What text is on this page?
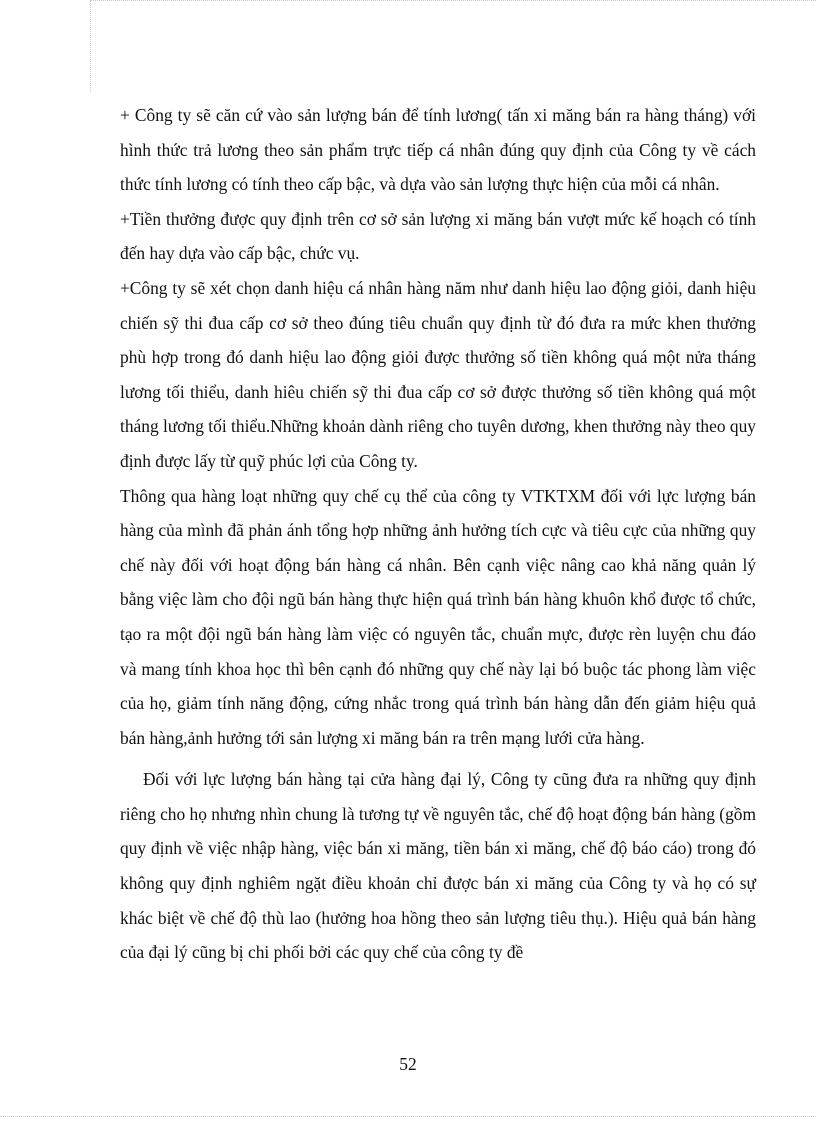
+ Công ty sẽ căn cứ vào sản lượng bán để tính lương( tấn xi măng bán ra hàng tháng) với hình thức trả lương theo sản phẩm trực tiếp cá nhân đúng quy định của Công ty về cách thức tính lương có tính theo cấp bậc, và dựa vào sản lượng thực hiện của mỗi cá nhân.

+Tiền thưởng được quy định trên cơ sở sản lượng xi măng bán vượt mức kế hoạch có tính đến hay dựa vào cấp bậc, chức vụ.

+Công ty sẽ xét chọn danh hiệu cá nhân hàng năm như danh hiệu lao động giỏi, danh hiệu chiến sỹ thi đua cấp cơ sở theo đúng tiêu chuẩn quy định từ đó đưa ra mức khen thưởng phù hợp trong đó danh hiệu lao động giỏi được thưởng số tiền không quá một nửa tháng lương tối thiểu, danh hiêu chiến sỹ thi đua cấp cơ sở được thưởng số tiền không quá một tháng lương tối thiểu.Những khoản dành riêng cho tuyên dương, khen thưởng này theo quy định được lấy từ quỹ phúc lợi của Công ty.

Thông qua hàng loạt những quy chế cụ thể của công ty VTKTXM đối với lực lượng bán hàng của mình đã phản ánh tổng hợp những ảnh hưởng tích cực và tiêu cực của những quy chế này đối với hoạt động bán hàng cá nhân. Bên cạnh việc nâng cao khả năng quản lý bằng việc làm cho đội ngũ bán hàng thực hiện quá trình bán hàng khuôn khổ được tổ chức, tạo ra một đội ngũ bán hàng làm việc có nguyên tắc, chuẩn mực, được rèn luyện chu đáo và mang tính khoa học thì bên cạnh đó những quy chế này lại bó buộc tác phong làm việc của họ, giảm tính năng động, cứng nhắc trong quá trình bán hàng dẫn đến giảm hiệu quả bán hàng,ảnh hưởng tới sản lượng xi măng bán ra trên mạng lưới cửa hàng.

Đối với lực lượng bán hàng tại cửa hàng đại lý, Công ty cũng đưa ra những quy định riêng cho họ nhưng nhìn chung là tương tự về nguyên tắc, chế độ hoạt động bán hàng (gồm quy định về việc nhập hàng, việc bán xi măng, tiền bán xi măng, chế độ báo cáo) trong đó không quy định nghiêm ngặt điều khoản chỉ được bán xi măng của Công ty và họ có sự khác biệt về chế độ thù lao (hưởng hoa hồng theo sản lượng tiêu thụ.). Hiệu quả bán hàng của đại lý cũng bị chi phối bởi các quy chế của công ty đề

52
